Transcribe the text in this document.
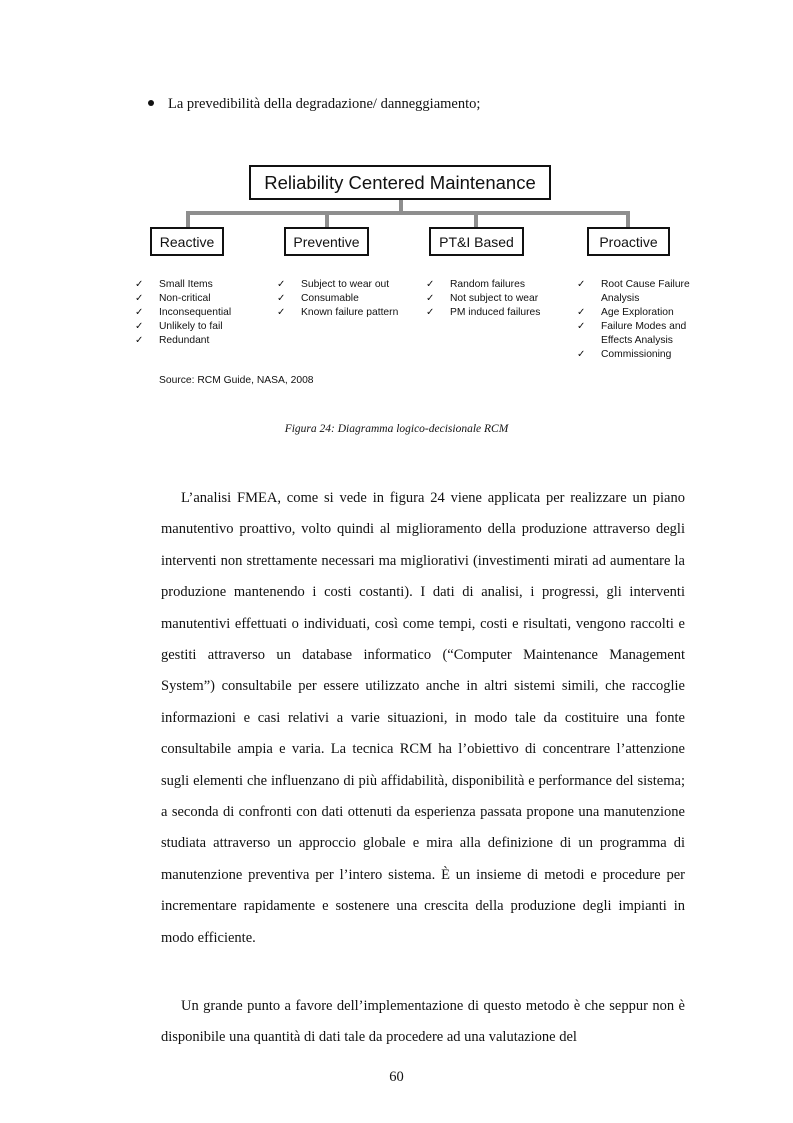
La prevedibilità della degradazione/ danneggiamento;
Reliability Centered Maintenance
Reactive	Preventive	PT&I Based	Proactive
✓ Small Items
✓ Non-critical
✓ Inconsequential
✓ Unlikely to fail
✓ Redundant
✓ Subject to wear out
✓ Consumable
✓ Known failure pattern
✓ Random failures
✓ Not subject to wear
✓ PM induced failures
✓ Root Cause Failure Analysis
✓ Age Exploration
✓ Failure Modes and Effects Analysis
✓ Commissioning
Source: RCM Guide, NASA, 2008
Figura 24: Diagramma logico-decisionale RCM

L’analisi FMEA, come si vede in figura 24 viene applicata per realizzare un piano manutentivo proattivo, volto quindi al miglioramento della produzione attraverso degli interventi non strettamente necessari ma migliorativi (investimenti mirati ad aumentare la produzione mantenendo i costi costanti). I dati di analisi, i progressi, gli interventi manutentivi effettuati o individuati, così come tempi, costi e risultati, vengono raccolti e gestiti attraverso un database informatico (“Computer Maintenance Management System”) consultabile per essere utilizzato anche in altri sistemi simili, che raccoglie informazioni e casi relativi a varie situazioni, in modo tale da costituire una fonte consultabile ampia e varia. La tecnica RCM ha l’obiettivo di concentrare l’attenzione sugli elementi che influenzano di più affidabilità, disponibilità e performance del sistema; a seconda di confronti con dati ottenuti da esperienza passata propone una manutenzione studiata attraverso un approccio globale e mira alla definizione di un programma di manutenzione preventiva per l’intero sistema. È un insieme di metodi e procedure per incrementare rapidamente e sostenere una crescita della produzione degli impianti in modo efficiente.

Un grande punto a favore dell’implementazione di questo metodo è che seppur non è disponibile una quantità di dati tale da procedere ad una valutazione del

60
